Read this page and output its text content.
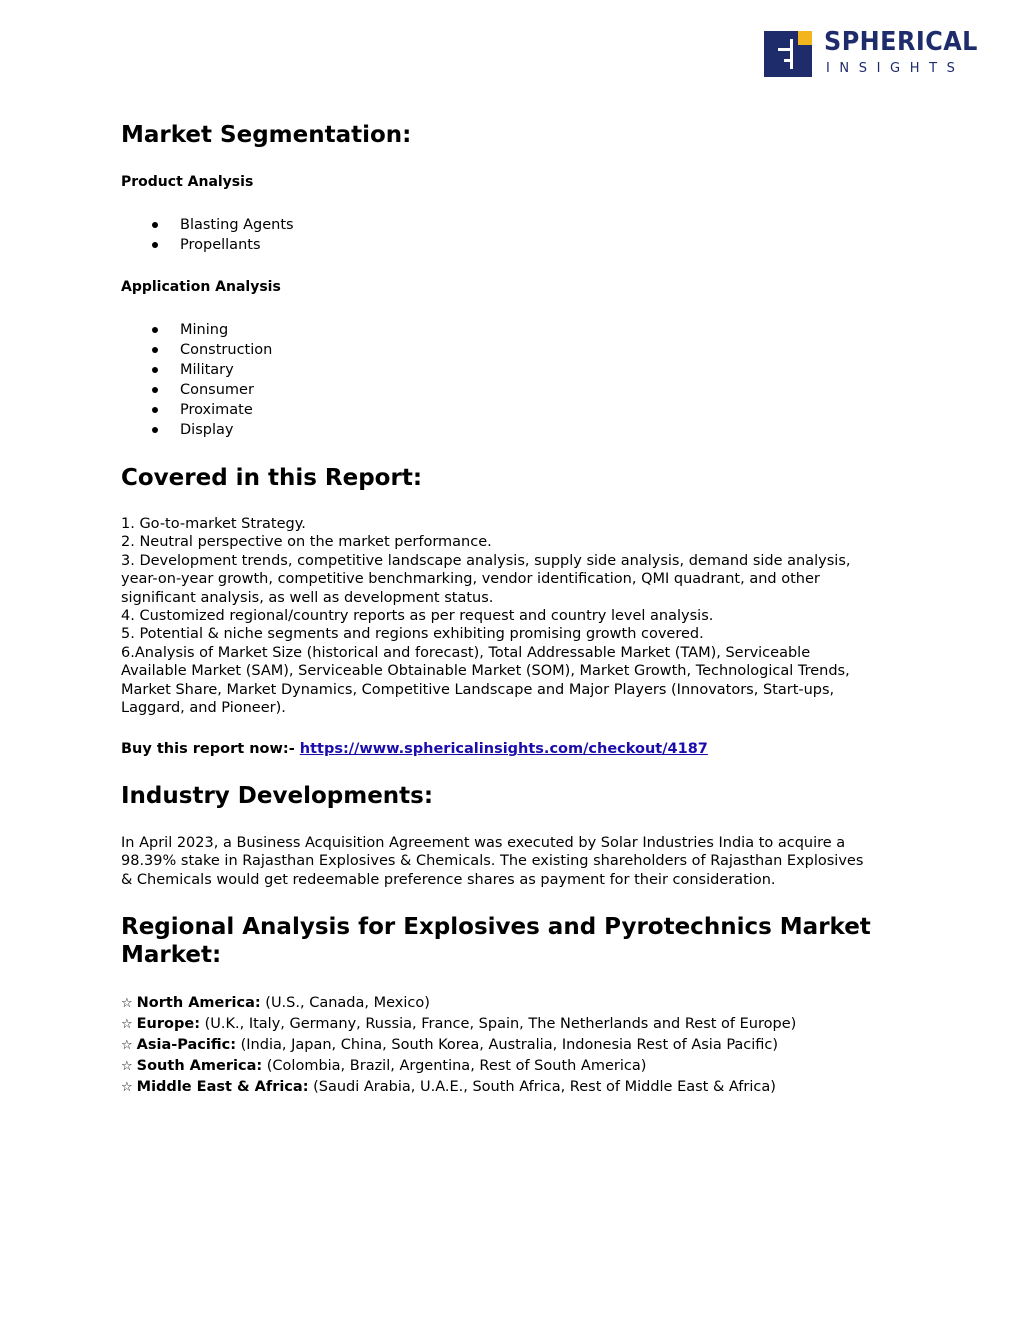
SPHERICAL
INSIGHTS
Market Segmentation:
Product Analysis
Blasting Agents
Propellants
Application Analysis
Mining
Construction
Military
Consumer
Proximate
Display
Covered in this Report:

1. Go-to-market Strategy.

2. Neutral perspective on the market performance.

3. Development trends, competitive landscape analysis, supply side analysis, demand side analysis,

year-on-year growth, competitive benchmarking, vendor identification, QMI quadrant, and other

significant analysis, as well as development status.

4. Customized regional/country reports as per request and country level analysis.

5. Potential & niche segments and regions exhibiting promising growth covered.

6.Analysis of Market Size (historical and forecast), Total Addressable Market (TAM), Serviceable

Available Market (SAM), Serviceable Obtainable Market (SOM), Market Growth, Technological Trends,

Market Share, Market Dynamics, Competitive Landscape and Major Players (Innovators, Start-ups,

Laggard, and Pioneer).

Buy this report now:- https://www.sphericalinsights.com/checkout/4187
Industry Developments:

In April 2023, a Business Acquisition Agreement was executed by Solar Industries India to acquire a

98.39% stake in Rajasthan Explosives & Chemicals. The existing shareholders of Rajasthan Explosives

& Chemicals would get redeemable preference shares as payment for their consideration.

Regional Analysis for Explosives and Pyrotechnics Market
Market:
☆ North America: (U.S., Canada, Mexico)
☆ Europe: (U.K., Italy, Germany, Russia, France, Spain, The Netherlands and Rest of Europe)
☆ Asia-Pacific: (India, Japan, China, South Korea, Australia, Indonesia Rest of Asia Pacific)
☆ South America: (Colombia, Brazil, Argentina, Rest of South America)
☆ Middle East & Africa: (Saudi Arabia, U.A.E., South Africa, Rest of Middle East & Africa)
